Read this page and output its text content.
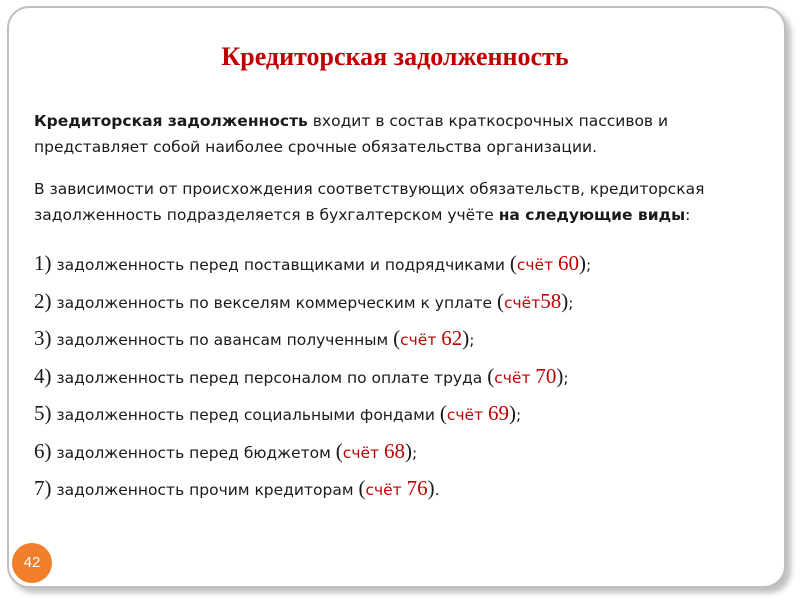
Кредиторская задолженность

Кредиторская задолженность входит в состав краткосрочных пассивов и представляет собой наиболее срочные обязательства организации.

В зависимости от происхождения соответствующих обязательств, кредиторская задолженность подразделяется в бухгалтерском учёте на следующие виды:

1) задолженность перед поставщиками и подрядчиками (счёт 60);
2) задолженность по векселям коммерческим к уплате (счёт58);
3) задолженность по авансам полученным (счёт 62);
4) задолженность перед персоналом по оплате труда (счёт 70);
5) задолженность перед социальными фондами (счёт 69);
6) задолженность перед бюджетом (счёт 68);
7) задолженность прочим кредиторам (счёт 76).
42
